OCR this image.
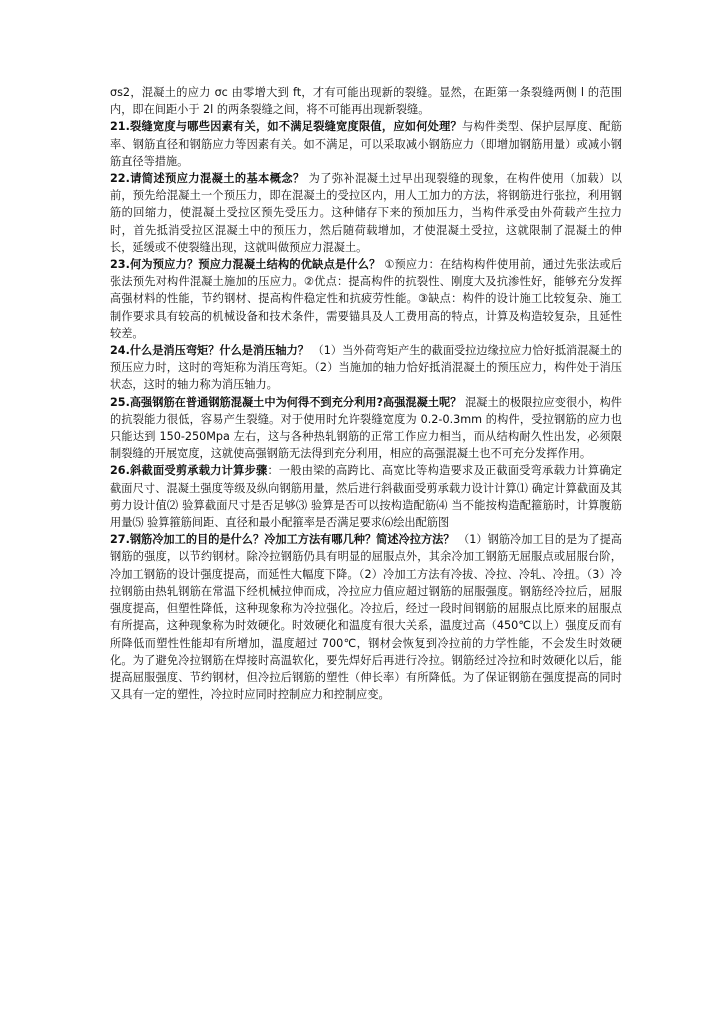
σs2，混凝土的应力 σc 由零增大到 ft，才有可能出现新的裂缝。显然，在距第一条裂缝两侧 l 的范围内，即在间距小于 2l 的两条裂缝之间，将不可能再出现新裂缝。

21.裂缝宽度与哪些因素有关，如不满足裂缝宽度限值，应如何处理？与构件类型、保护层厚度、配筋率、钢筋直径和钢筋应力等因素有关。如不满足，可以采取减小钢筋应力（即增加钢筋用量）或减小钢筋直径等措施。

22.请简述预应力混凝土的基本概念？ 为了弥补混凝土过早出现裂缝的现象，在构件使用（加载）以前，预先给混凝土一个预压力，即在混凝土的受拉区内，用人工加力的方法，将钢筋进行张拉，利用钢筋的回缩力，使混凝土受拉区预先受压力。这种储存下来的预加压力，当构件承受由外荷载产生拉力时，首先抵消受拉区混凝土中的预压力，然后随荷载增加，才使混凝土受拉，这就限制了混凝土的伸长，延缓或不使裂缝出现，这就叫做预应力混凝土。

23.何为预应力？预应力混凝土结构的优缺点是什么？ ①预应力：在结构构件使用前，通过先张法或后张法预先对构件混凝土施加的压应力。②优点：提高构件的抗裂性、刚度大及抗渗性好，能够充分发挥高强材料的性能，节约钢材、提高构件稳定性和抗疲劳性能。③缺点：构件的设计施工比较复杂、施工制作要求具有较高的机械设备和技术条件，需要锚具及人工费用高的特点，计算及构造较复杂，且延性较差。

24.什么是消压弯矩？什么是消压轴力？ （1）当外荷弯矩产生的截面受拉边缘拉应力恰好抵消混凝土的预压应力时，这时的弯矩称为消压弯矩。（2）当施加的轴力恰好抵消混凝土的预压应力，构件处于消压状态，这时的轴力称为消压轴力。

25.高强钢筋在普通钢筋混凝土中为何得不到充分利用?高强混凝土呢？ 混凝土的极限拉应变很小，构件的抗裂能力很低，容易产生裂缝。对于使用时允许裂缝宽度为 0.2-0.3mm 的构件，受拉钢筋的应力也只能达到 150-250Mpa 左右，这与各种热轧钢筋的正常工作应力相当，而从结构耐久性出发，必须限制裂缝的开展宽度，这就使高强钢筋无法得到充分利用，相应的高强混凝土也不可充分发挥作用。

26.斜截面受剪承载力计算步骤：一般由梁的高跨比、高宽比等构造要求及正截面受弯承载力计算确定截面尺寸、混凝土强度等级及纵向钢筋用量，然后进行斜截面受剪承载力设计计算⑴ 确定计算截面及其剪力设计值⑵ 验算截面尺寸是否足够⑶ 验算是否可以按构造配筋⑷ 当不能按构造配箍筋时，计算腹筋用量⑸ 验算箍筋间距、直径和最小配箍率是否满足要求⑹绘出配筋图

27.钢筋冷加工的目的是什么？冷加工方法有哪几种？简述冷拉方法？ （1）钢筋冷加工目的是为了提高钢筋的强度，以节约钢材。除冷拉钢筋仍具有明显的屈服点外，其余冷加工钢筋无屈服点或屈服台阶，冷加工钢筋的设计强度提高，而延性大幅度下降。（2）冷加工方法有冷拔、冷拉、冷轧、冷扭。（3）冷拉钢筋由热轧钢筋在常温下经机械拉伸而成，冷拉应力值应超过钢筋的屈服强度。钢筋经冷拉后，屈服强度提高，但塑性降低，这种现象称为冷拉强化。冷拉后，经过一段时间钢筋的屈服点比原来的屈服点有所提高，这种现象称为时效硬化。时效硬化和温度有很大关系，温度过高（450℃以上）强度反而有所降低而塑性性能却有所增加，温度超过 700℃，钢材会恢复到冷拉前的力学性能，不会发生时效硬化。为了避免冷拉钢筋在焊接时高温软化，要先焊好后再进行冷拉。钢筋经过冷拉和时效硬化以后，能提高屈服强度、节约钢材，但冷拉后钢筋的塑性（伸长率）有所降低。为了保证钢筋在强度提高的同时又具有一定的塑性，冷拉时应同时控制应力和控制应变。
